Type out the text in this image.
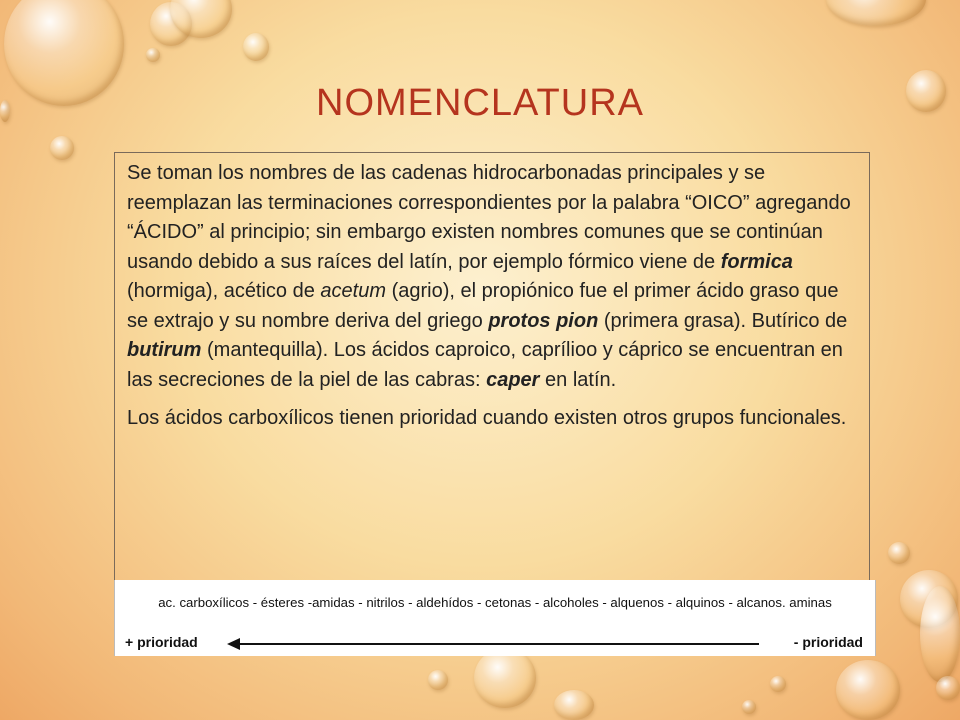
NOMENCLATURA

Se toman los nombres de las cadenas hidrocarbonadas principales y se reemplazan las terminaciones correspondientes por la palabra “OICO” agregando “ÁCIDO” al principio; sin embargo existen nombres comunes que se continúan usando debido a sus raíces del latín, por ejemplo fórmico viene de formica (hormiga), acético de acetum (agrio), el propiónico fue el primer ácido graso que se extrajo y su nombre deriva del griego protos pion (primera grasa). Butírico de butirum (mantequilla). Los ácidos caproico, caprílioo y cáprico se encuentran en las secreciones de la piel de las cabras: caper en latín.

Los ácidos carboxílicos tienen prioridad cuando existen otros grupos funcionales.

ac. carboxílicos - ésteres -amidas - nitrilos - aldehídos - cetonas - alcoholes - alquenos - alquinos - alcanos. aminas
+ prioridad	- prioridad
